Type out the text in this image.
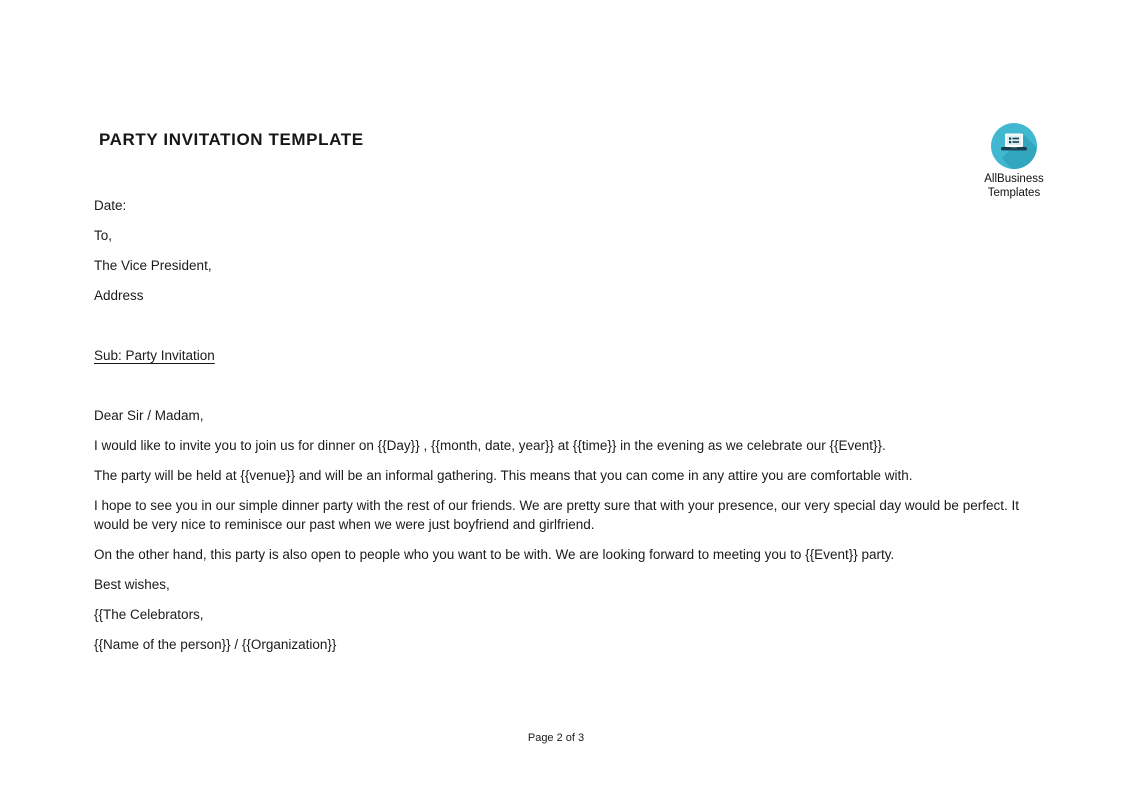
PARTY INVITATION TEMPLATE
AllBusiness
Templates

Date:

To,

The Vice President,

Address

Sub: Party Invitation

Dear Sir / Madam,

I would like to invite you to join us for dinner on {{Day}} , {{month, date, year}} at {{time}} in the evening as we celebrate our {{Event}}.

The party will be held at {{venue}} and will be an informal gathering. This means that you can come in any attire you are comfortable with.

I hope to see you in our simple dinner party with the rest of our friends. We are pretty sure that with your presence, our very special day would be perfect. It would be very nice to reminisce our past when we were just boyfriend and girlfriend.

On the other hand, this party is also open to people who you want to be with. We are looking forward to meeting you to {{Event}} party.

Best wishes,

{{The Celebrators,

{{Name of the person}} / {{Organization}}

Page 2 of 3
